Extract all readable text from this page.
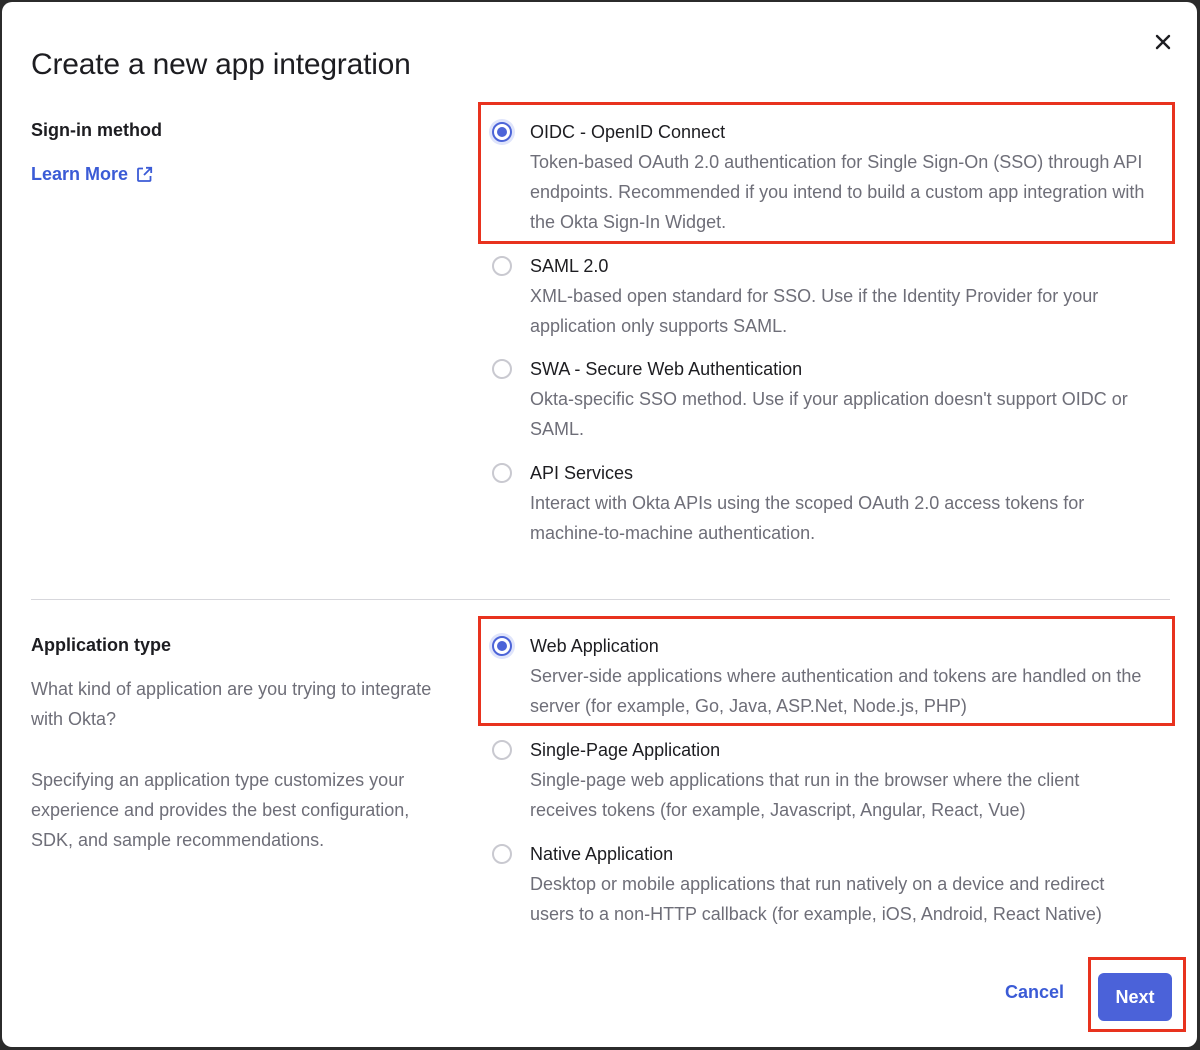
Create a new app integration
Sign-in method
Learn More

OIDC - OpenID Connect

Token-based OAuth 2.0 authentication for Single Sign-On (SSO) through API endpoints. Recommended if you intend to build a custom app integration with the Okta Sign-In Widget.

SAML 2.0

XML-based open standard for SSO. Use if the Identity Provider for your application only supports SAML.

SWA - Secure Web Authentication

Okta-specific SSO method. Use if your application doesn't support OIDC or SAML.

API Services

Interact with Okta APIs using the scoped OAuth 2.0 access tokens for machine-to-machine authentication.

Application type

What kind of application are you trying to integrate with Okta?

Specifying an application type customizes your experience and provides the best configuration, SDK, and sample recommendations.

Web Application

Server-side applications where authentication and tokens are handled on the server (for example, Go, Java, ASP.Net, Node.js, PHP)

Single-Page Application

Single-page web applications that run in the browser where the client receives tokens (for example, Javascript, Angular, React, Vue)

Native Application

Desktop or mobile applications that run natively on a device and redirect users to a non-HTTP callback (for example, iOS, Android, React Native)

Cancel	Next
